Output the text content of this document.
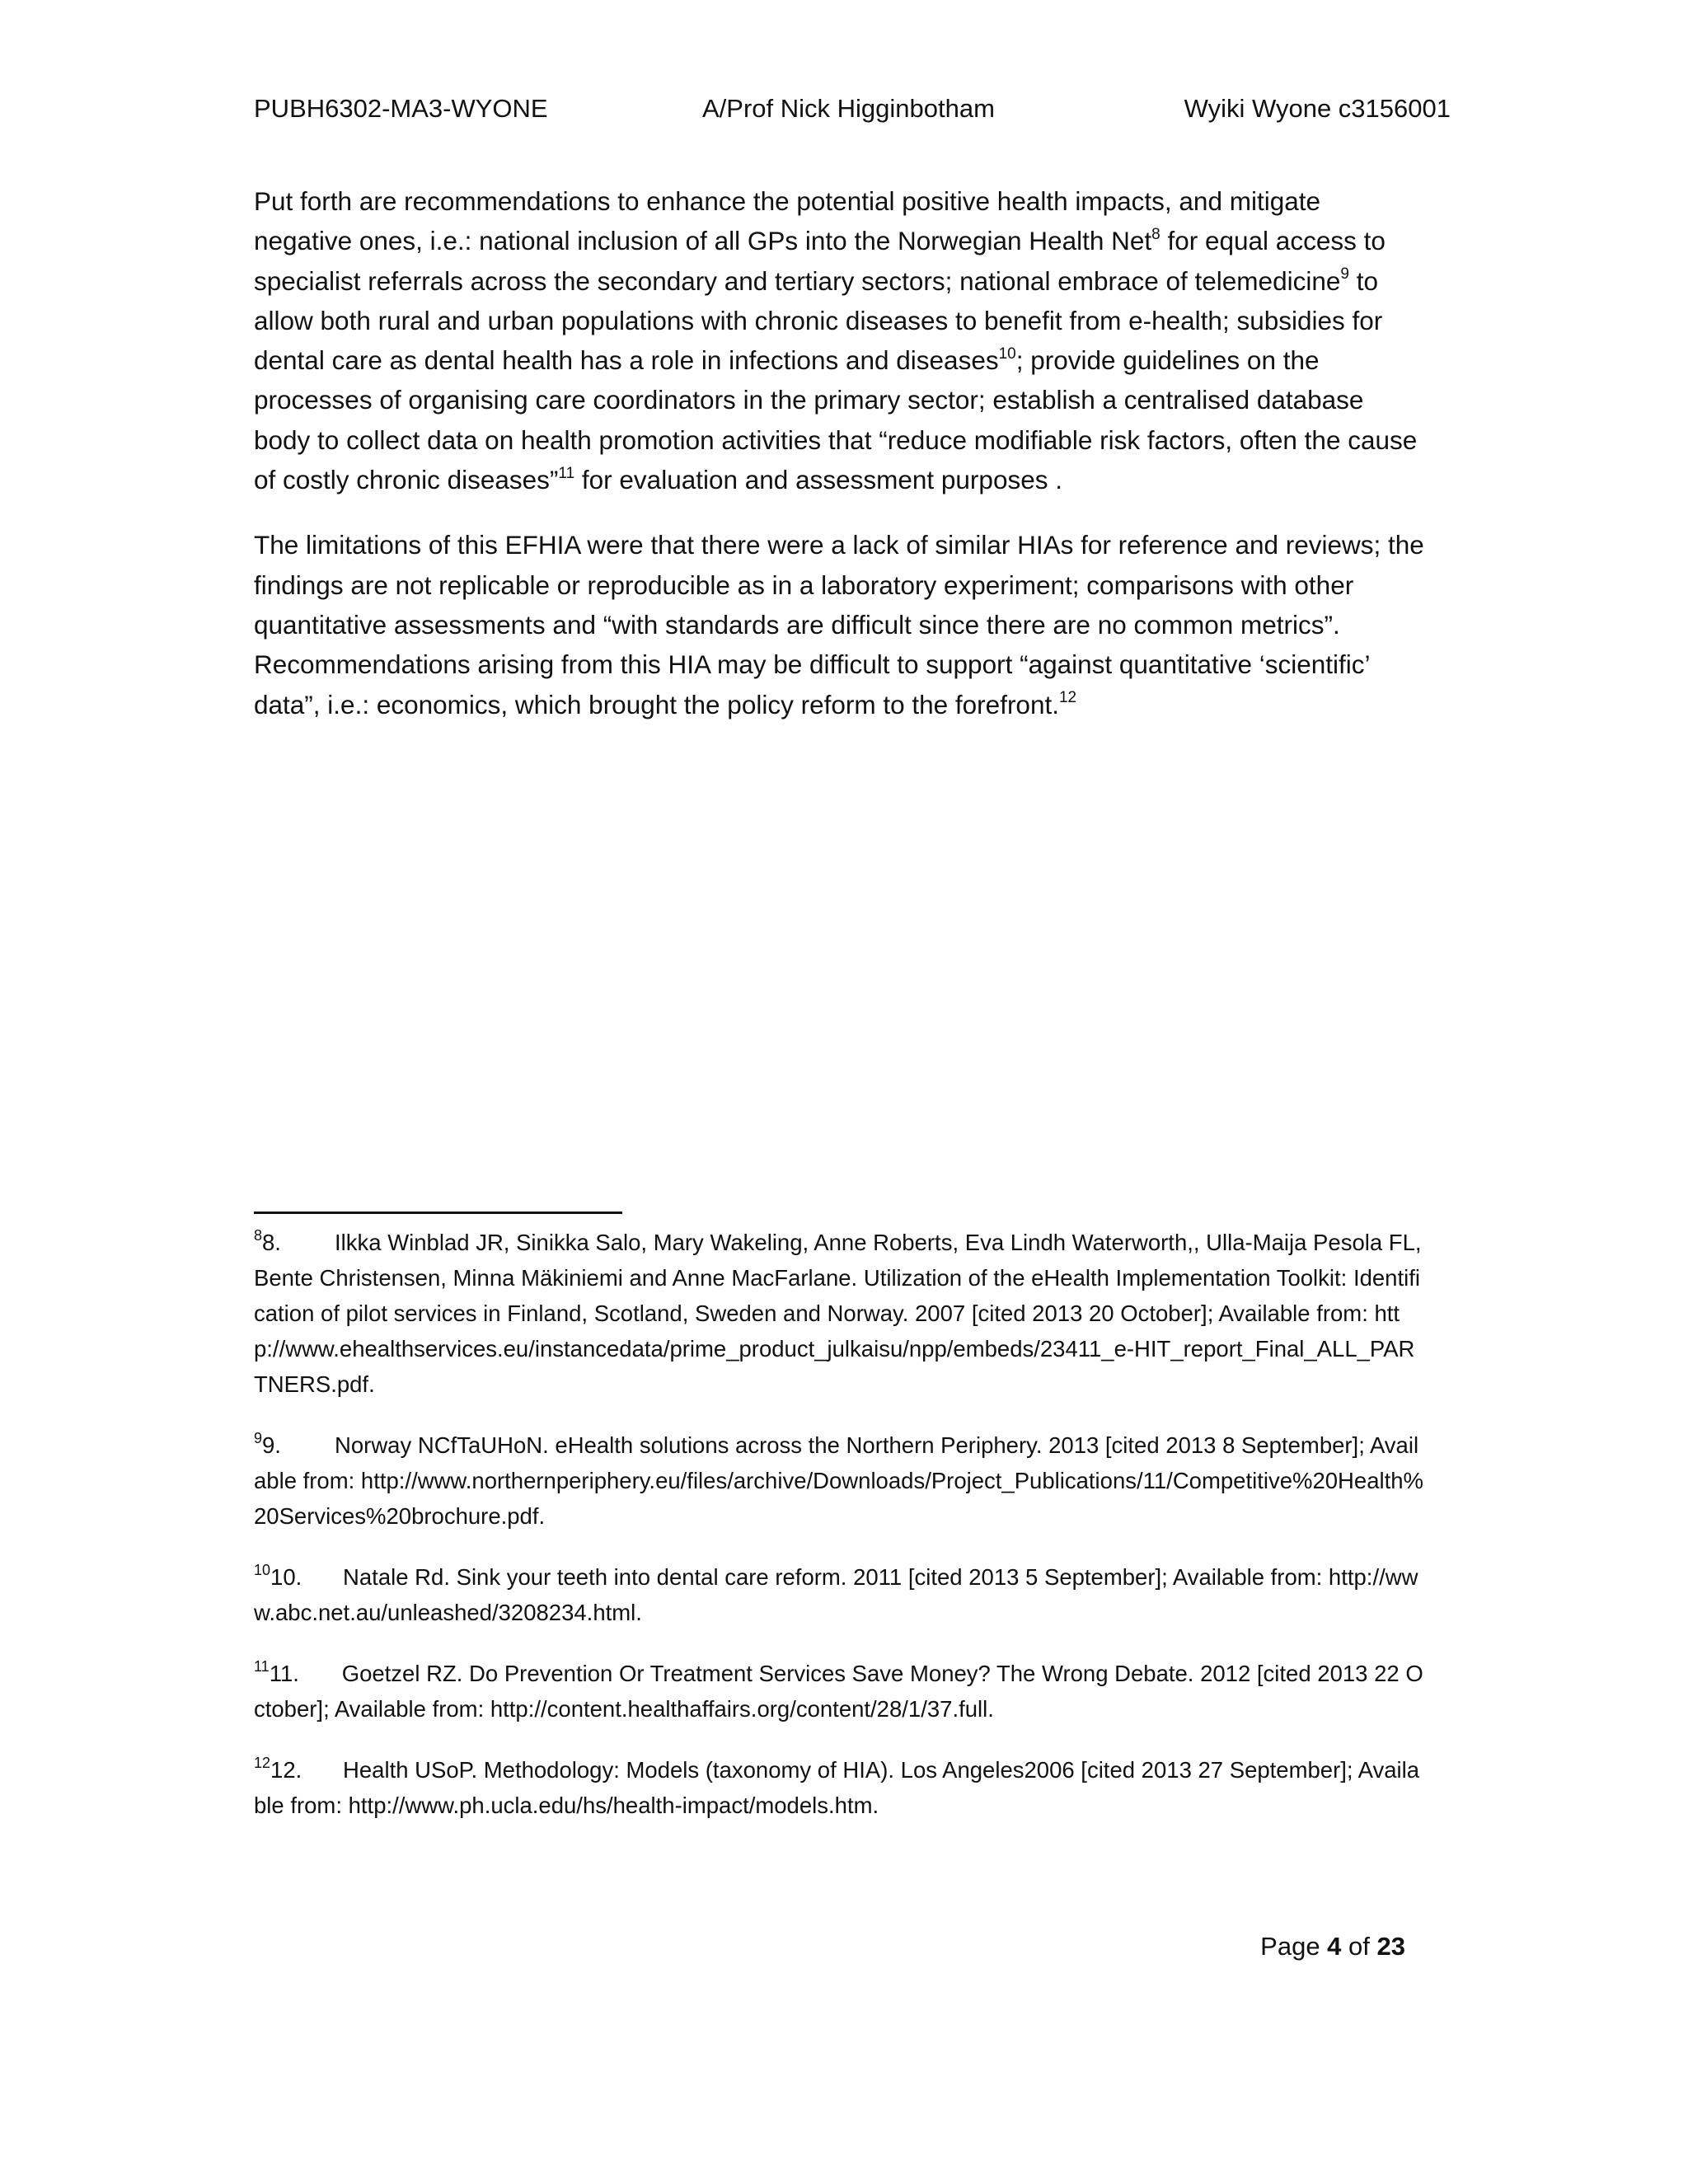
PUBH6302-MA3-WYONE	A/Prof Nick Higginbotham	Wyiki Wyone c3156001

Put forth are recommendations to enhance the potential positive health impacts, and mitigate negative ones, i.e.: national inclusion of all GPs into the Norwegian Health Net$^8$ for equal access to specialist referrals across the secondary and tertiary sectors; national embrace of telemedicine$^9$ to allow both rural and urban populations with chronic diseases to benefit from e-health; subsidies for dental care as dental health has a role in infections and diseases$^{10}$; provide guidelines on the processes of organising care coordinators in the primary sector; establish a centralised database body to collect data on health promotion activities that “reduce modifiable risk factors, often the cause of costly chronic diseases”$^{11}$ for evaluation and assessment purposes .

The limitations of this EFHIA were that there were a lack of similar HIAs for reference and reviews; the findings are not replicable or reproducible as in a laboratory experiment; comparisons with other quantitative assessments and “with standards are difficult since there are no common metrics”. Recommendations arising from this HIA may be difficult to support “against quantitative ‘scientific’ data”, i.e.: economics, which brought the policy reform to the forefront.$^{12}$

$^8$8. Ilkka Winblad JR, Sinikka Salo, Mary Wakeling, Anne Roberts, Eva Lindh Waterworth,, Ulla-Maija Pesola FL, Bente Christensen, Minna Mäkiniemi and Anne MacFarlane. Utilization of the eHealth Implementation Toolkit: Identification of pilot services in Finland, Scotland, Sweden and Norway. 2007 [cited 2013 20 October]; Available from: http://www.ehealthservices.eu/instancedata/prime_product_julkaisu/npp/embeds/23411_e-HIT_report_Final_ALL_PARTNERS.pdf.
$^9$9. Norway NCfTaUHoN. eHealth solutions across the Northern Periphery. 2013 [cited 2013 8 September]; Available from: http://www.northernperiphery.eu/files/archive/Downloads/Project_Publications/11/Competitive%20Health%20Services%20brochure.pdf.
$^{10}$10. Natale Rd. Sink your teeth into dental care reform. 2011 [cited 2013 5 September]; Available from: http://www.abc.net.au/unleashed/3208234.html.
$^{11}$11. Goetzel RZ. Do Prevention Or Treatment Services Save Money? The Wrong Debate. 2012 [cited 2013 22 October]; Available from: http://content.healthaffairs.org/content/28/1/37.full.
$^{12}$12. Health USoP. Methodology: Models (taxonomy of HIA). Los Angeles2006 [cited 2013 27 September]; Available from: http://www.ph.ucla.edu/hs/health-impact/models.htm.
Page 4 of 23
